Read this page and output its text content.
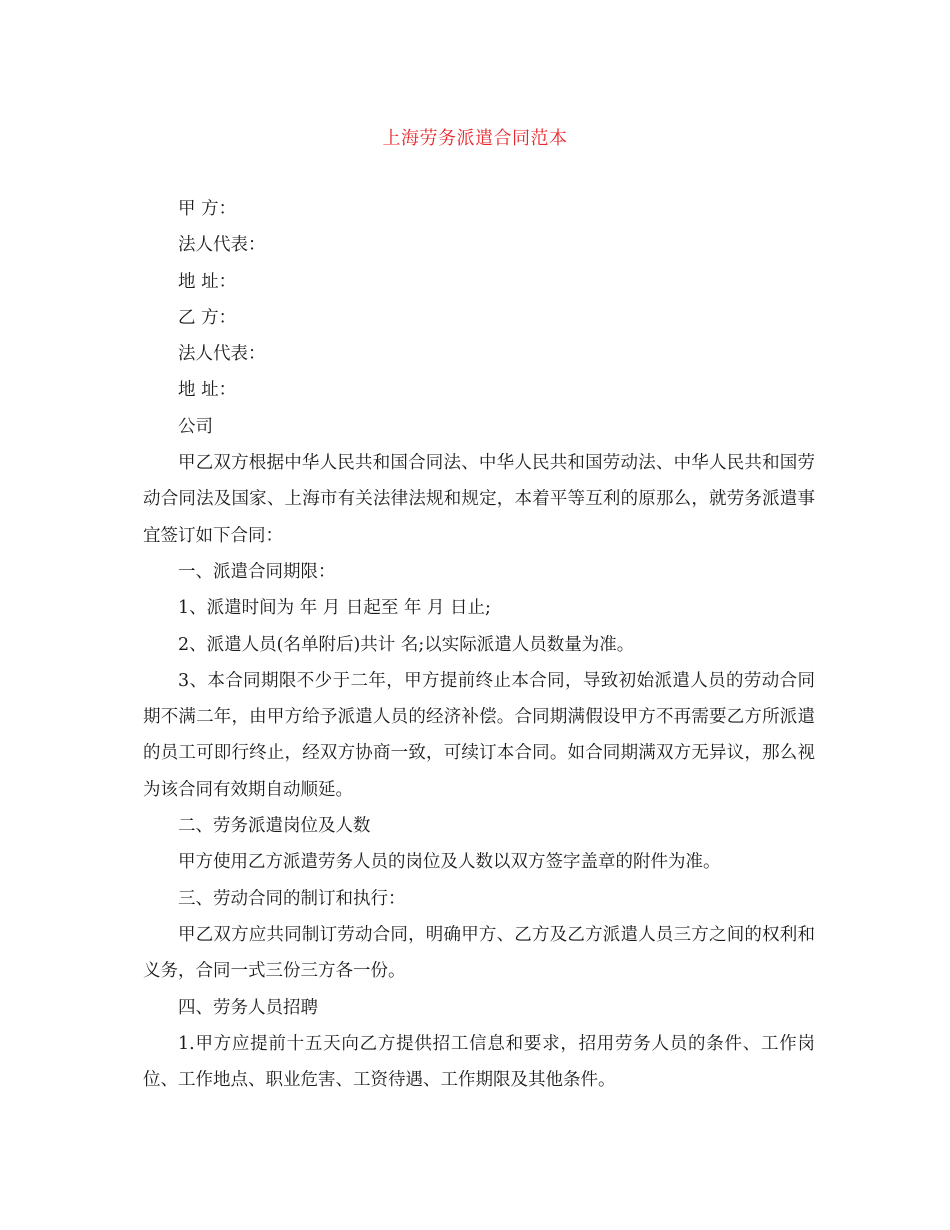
上海劳务派遣合同范本
甲 方：
法人代表：
地 址：
乙 方：
法人代表：
地 址：
公司

甲乙双方根据中华人民共和国合同法、中华人民共和国劳动法、中华人民共和国劳动合同法及国家、上海市有关法律法规和规定，本着平等互利的原那么，就劳务派遣事宜签订如下合同：

一、派遣合同期限：
1、派遣时间为 年 月 日起至 年 月 日止;
2、派遣人员(名单附后)共计 名;以实际派遣人员数量为准。

3、本合同期限不少于二年，甲方提前终止本合同，导致初始派遣人员的劳动合同期不满二年，由甲方给予派遣人员的经济补偿。合同期满假设甲方不再需要乙方所派遣的员工可即行终止，经双方协商一致，可续订本合同。如合同期满双方无异议，那么视为该合同有效期自动顺延。

二、劳务派遣岗位及人数

甲方使用乙方派遣劳务人员的岗位及人数以双方签字盖章的附件为准。

三、劳动合同的制订和执行：

甲乙双方应共同制订劳动合同，明确甲方、乙方及乙方派遣人员三方之间的权利和义务，合同一式三份三方各一份。

四、劳务人员招聘

1.甲方应提前十五天向乙方提供招工信息和要求，招用劳务人员的条件、工作岗位、工作地点、职业危害、工资待遇、工作期限及其他条件。
